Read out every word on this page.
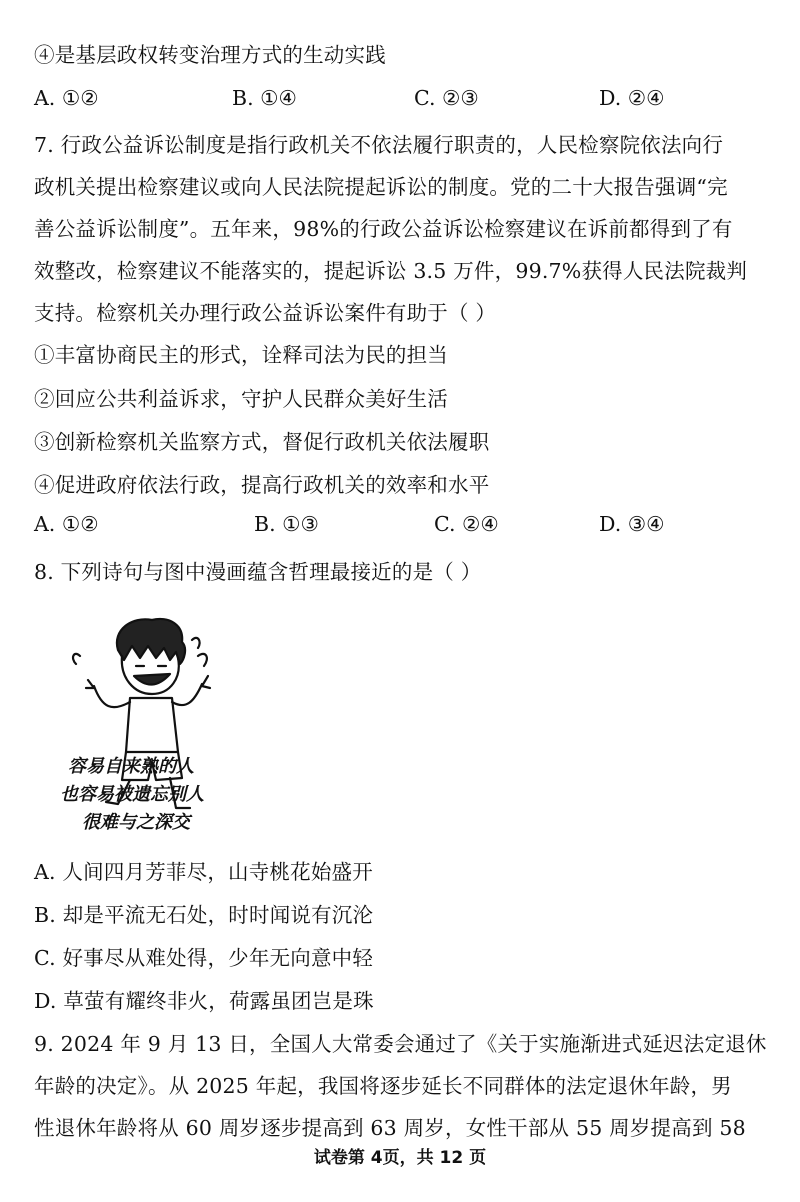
④是基层政权转变治理方式的生动实践
A. ①②	B. ①④	C. ②③	D. ②④
7. 行政公益诉讼制度是指行政机关不依法履行职责的，人民检察院依法向行
政机关提出检察建议或向人民法院提起诉讼的制度。党的二十大报告强调“完
善公益诉讼制度”。五年来，98%的行政公益诉讼检察建议在诉前都得到了有
效整改，检察建议不能落实的，提起诉讼 3.5 万件，99.7%获得人民法院裁判
支持。检察机关办理行政公益诉讼案件有助于（ ）
①丰富协商民主的形式，诠释司法为民的担当
②回应公共利益诉求，守护人民群众美好生活
③创新检察机关监察方式，督促行政机关依法履职
④促进政府依法行政，提高行政机关的效率和水平
A. ①②	B. ①③	C. ②④	D. ③④
8. 下列诗句与图中漫画蕴含哲理最接近的是（ ）
容易自来熟的人
也容易被遗忘别人
很难与之深交
A. 人间四月芳菲尽，山寺桃花始盛开
B. 却是平流无石处，时时闻说有沉沦
C. 好事尽从难处得，少年无向意中轻
D. 草萤有耀终非火，荷露虽团岂是珠
9. 2024 年 9 月 13 日，全国人大常委会通过了《关于实施渐进式延迟法定退休
年龄的决定》。从 2025 年起，我国将逐步延长不同群体的法定退休年龄，男
性退休年龄将从 60 周岁逐步提高到 63 周岁，女性干部从 55 周岁提高到 58
试卷第 4页，共 12 页
